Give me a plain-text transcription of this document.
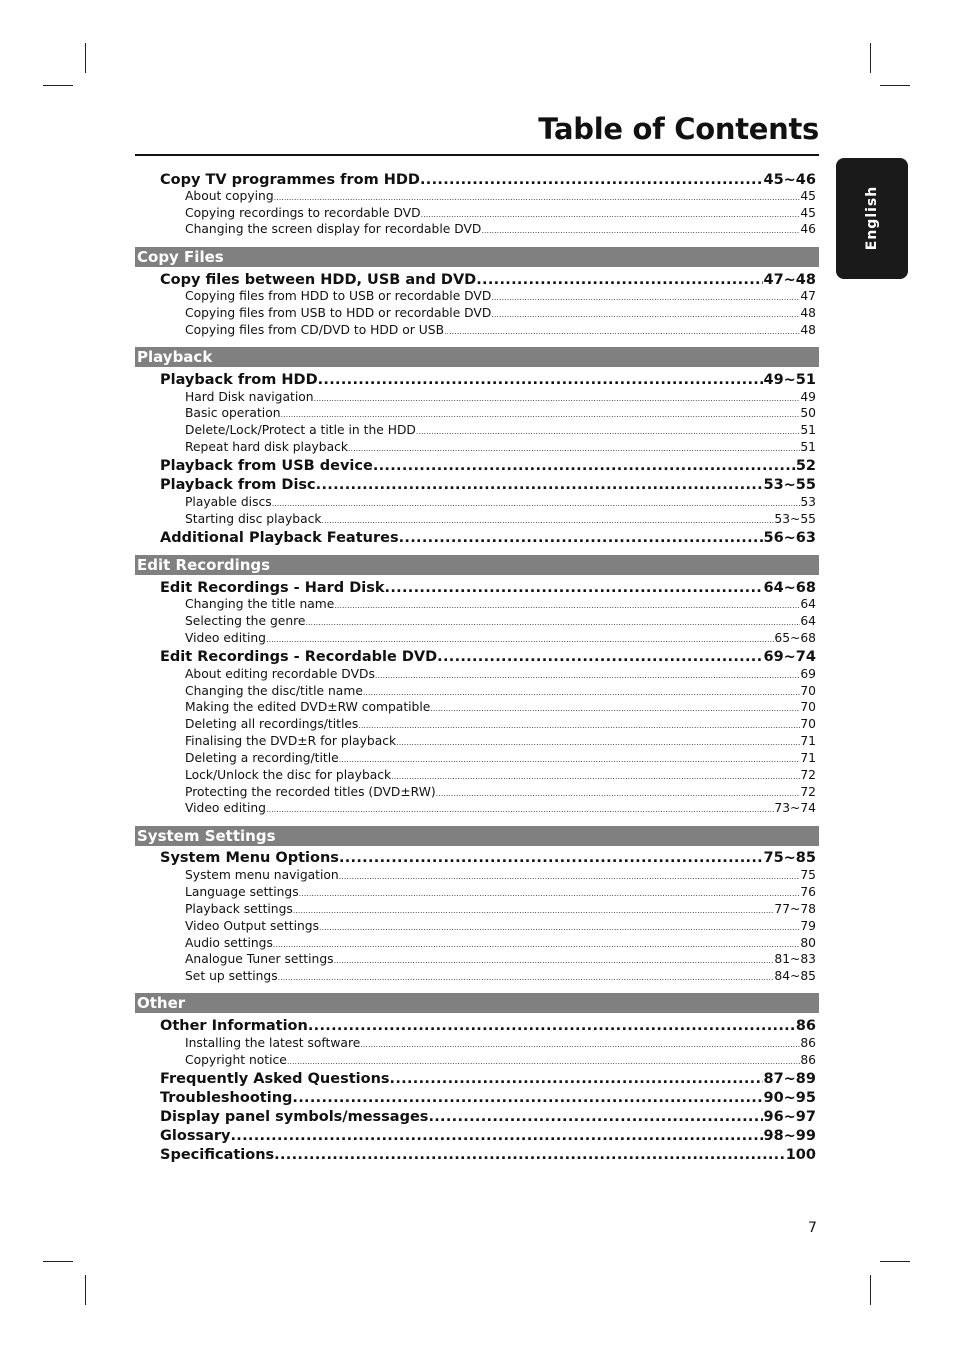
Table of Contents
English
Copy TV programmes from HDD .....	45~46
About copying .....	45
Copying recordings to recordable DVD .....	45
Changing the screen display for recordable DVD .....	46
Copy Files
Copy files between HDD, USB and DVD .....	47~48
Copying files from HDD to USB or recordable DVD .....	47
Copying files from USB to HDD or recordable DVD .....	48
Copying files from CD/DVD to HDD or USB .....	48
Playback
Playback from HDD .....	49~51
Hard Disk navigation .....	49
Basic operation .....	50
Delete/Lock/Protect a title in the HDD .....	51
Repeat hard disk playback .....	51
Playback from USB device .....	52
Playback from Disc .....	53~55
Playable discs .....	53
Starting disc playback .....	53~55
Additional Playback Features .....	56~63
Edit Recordings
Edit Recordings - Hard Disk .....	64~68
Changing the title name .....	64
Selecting the genre .....	64
Video editing .....	65~68
Edit Recordings - Recordable DVD .....	69~74
About editing recordable DVDs .....	69
Changing the disc/title name .....	70
Making the edited DVD±RW compatible .....	70
Deleting all recordings/titles .....	70
Finalising the DVD±R for playback .....	71
Deleting a recording/title .....	71
Lock/Unlock the disc for playback .....	72
Protecting the recorded titles (DVD±RW) .....	72
Video editing .....	73~74
System Settings
System Menu Options .....	75~85
System menu navigation .....	75
Language settings .....	76
Playback settings .....	77~78
Video Output settings .....	79
Audio settings .....	80
Analogue Tuner settings .....	81~83
Set up settings .....	84~85
Other
Other Information .....	86
Installing the latest software .....	86
Copyright notice .....	86
Frequently Asked Questions .....	87~89
Troubleshooting .....	90~95
Display panel symbols/messages .....	96~97
Glossary .....	98~99
Specifications .....	100
7
